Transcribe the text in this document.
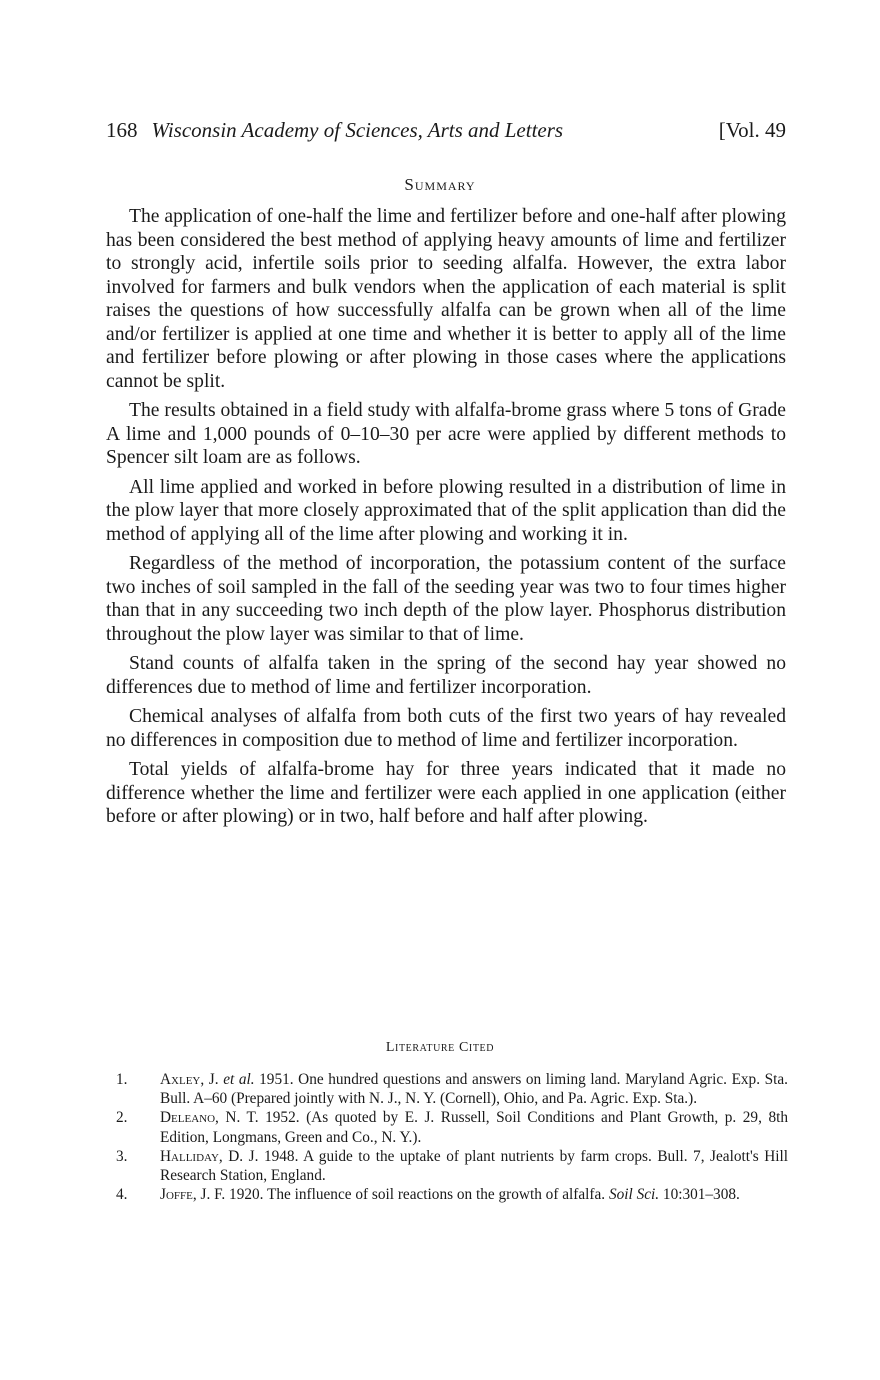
168 Wisconsin Academy of Sciences, Arts and Letters	[Vol. 49
Summary

The application of one-half the lime and fertilizer before and one-half after plowing has been considered the best method of applying heavy amounts of lime and fertilizer to strongly acid, infertile soils prior to seeding alfalfa. However, the extra labor involved for farmers and bulk vendors when the application of each material is split raises the questions of how successfully alfalfa can be grown when all of the lime and/or fertilizer is applied at one time and whether it is better to apply all of the lime and fertilizer before plowing or after plowing in those cases where the applications cannot be split.

The results obtained in a field study with alfalfa-brome grass where 5 tons of Grade A lime and 1,000 pounds of 0–10–30 per acre were applied by different methods to Spencer silt loam are as follows.

All lime applied and worked in before plowing resulted in a distribution of lime in the plow layer that more closely approximated that of the split application than did the method of applying all of the lime after plowing and working it in.

Regardless of the method of incorporation, the potassium content of the surface two inches of soil sampled in the fall of the seeding year was two to four times higher than that in any succeeding two inch depth of the plow layer. Phosphorus distribution throughout the plow layer was similar to that of lime.

Stand counts of alfalfa taken in the spring of the second hay year showed no differences due to method of lime and fertilizer incorporation.

Chemical analyses of alfalfa from both cuts of the first two years of hay revealed no differences in composition due to method of lime and fertilizer incorporation.

Total yields of alfalfa-brome hay for three years indicated that it made no difference whether the lime and fertilizer were each applied in one application (either before or after plowing) or in two, half before and half after plowing.

Literature Cited
1. Axley, J. et al. 1951. One hundred questions and answers on liming land. Maryland Agric. Exp. Sta. Bull. A–60 (Prepared jointly with N. J., N. Y. (Cornell), Ohio, and Pa. Agric. Exp. Sta.).
2. Deleano, N. T. 1952. (As quoted by E. J. Russell, Soil Conditions and Plant Growth, p. 29, 8th Edition, Longmans, Green and Co., N. Y.).
3. Halliday, D. J. 1948. A guide to the uptake of plant nutrients by farm crops. Bull. 7, Jealott's Hill Research Station, England.
4. Joffe, J. F. 1920. The influence of soil reactions on the growth of alfalfa. Soil Sci. 10:301–308.
